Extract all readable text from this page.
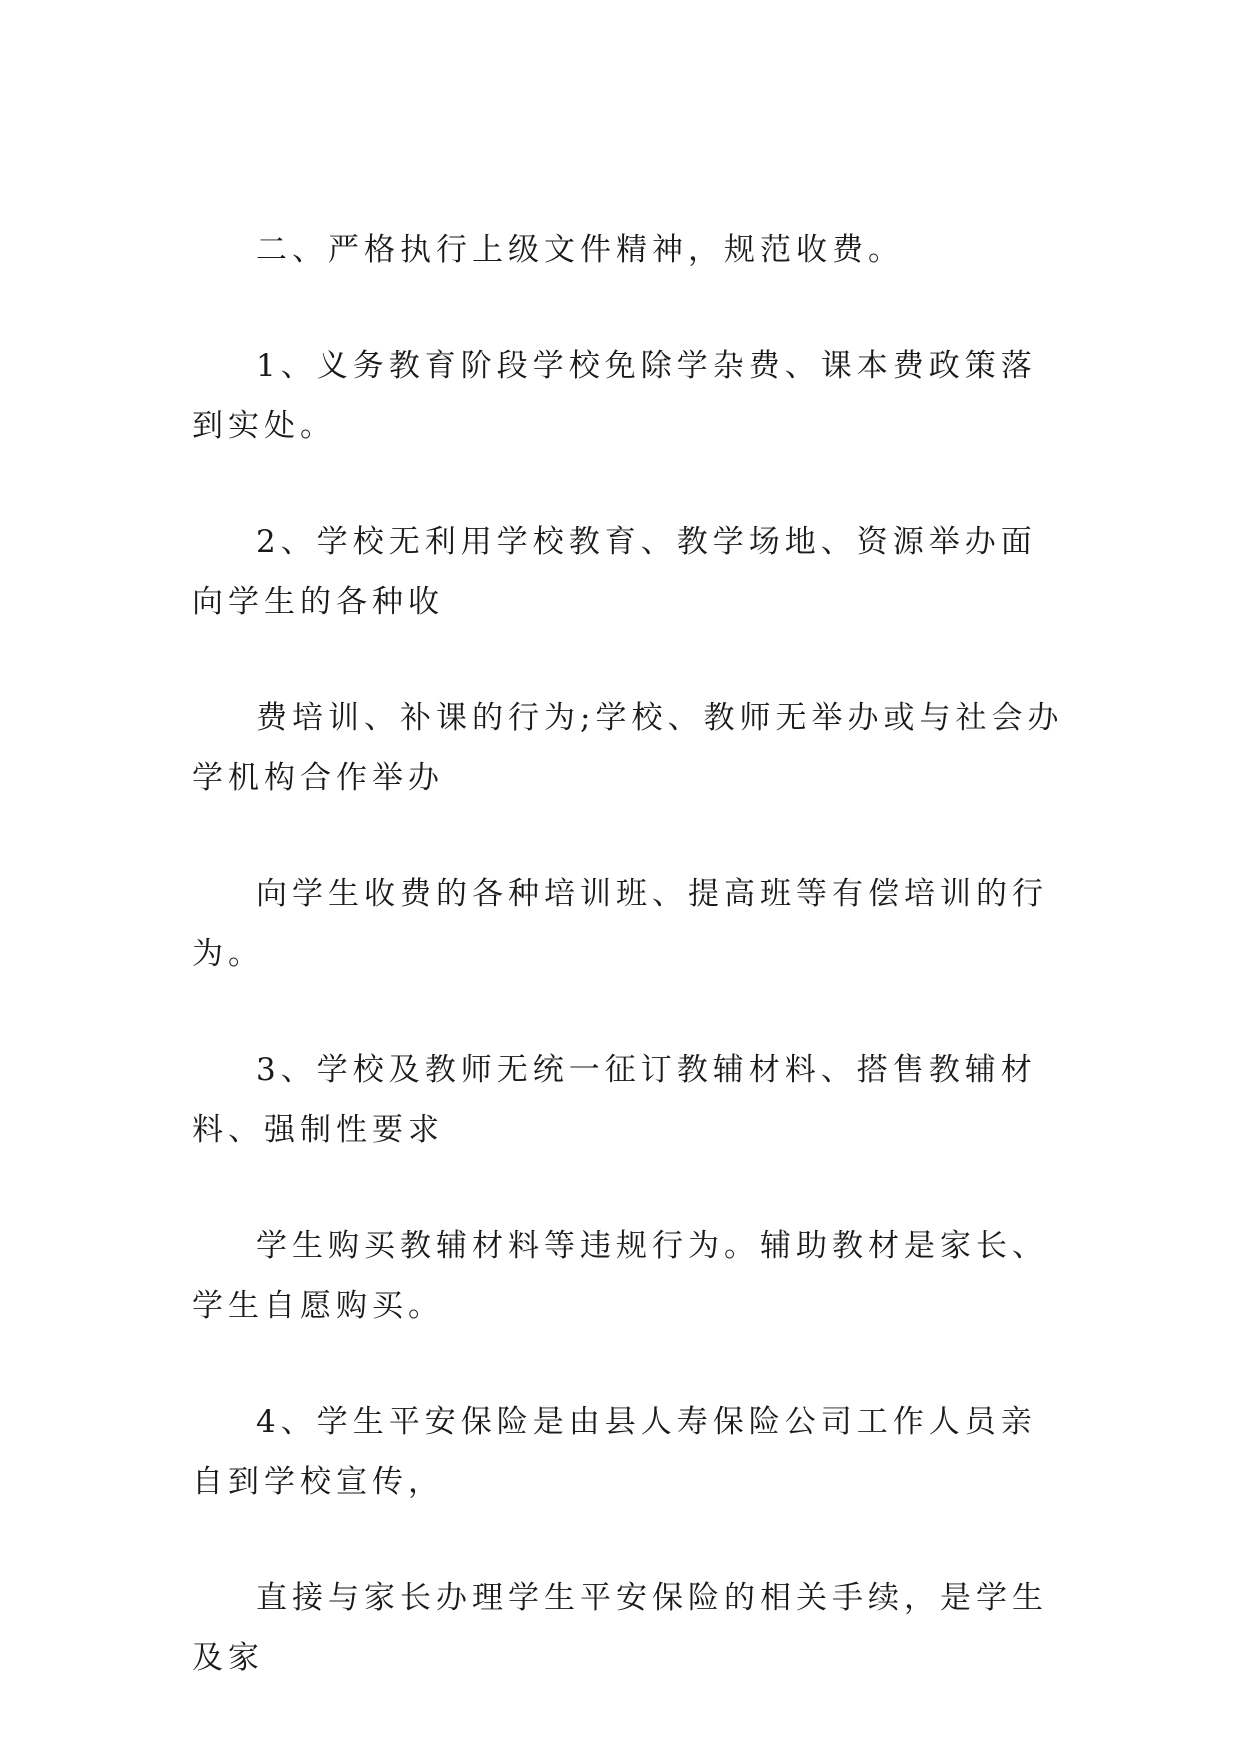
二、严格执行上级文件精神，规范收费。

1、义务教育阶段学校免除学杂费、课本费政策落到实处。

2、学校无利用学校教育、教学场地、资源举办面向学生的各种收

费培训、补课的行为;学校、教师无举办或与社会办学机构合作举办

向学生收费的各种培训班、提高班等有偿培训的行为。

3、学校及教师无统一征订教辅材料、搭售教辅材料、强制性要求

学生购买教辅材料等违规行为。辅助教材是家长、学生自愿购买。

4、学生平安保险是由县人寿保险公司工作人员亲自到学校宣传，

直接与家长办理学生平安保险的相关手续，是学生及家
